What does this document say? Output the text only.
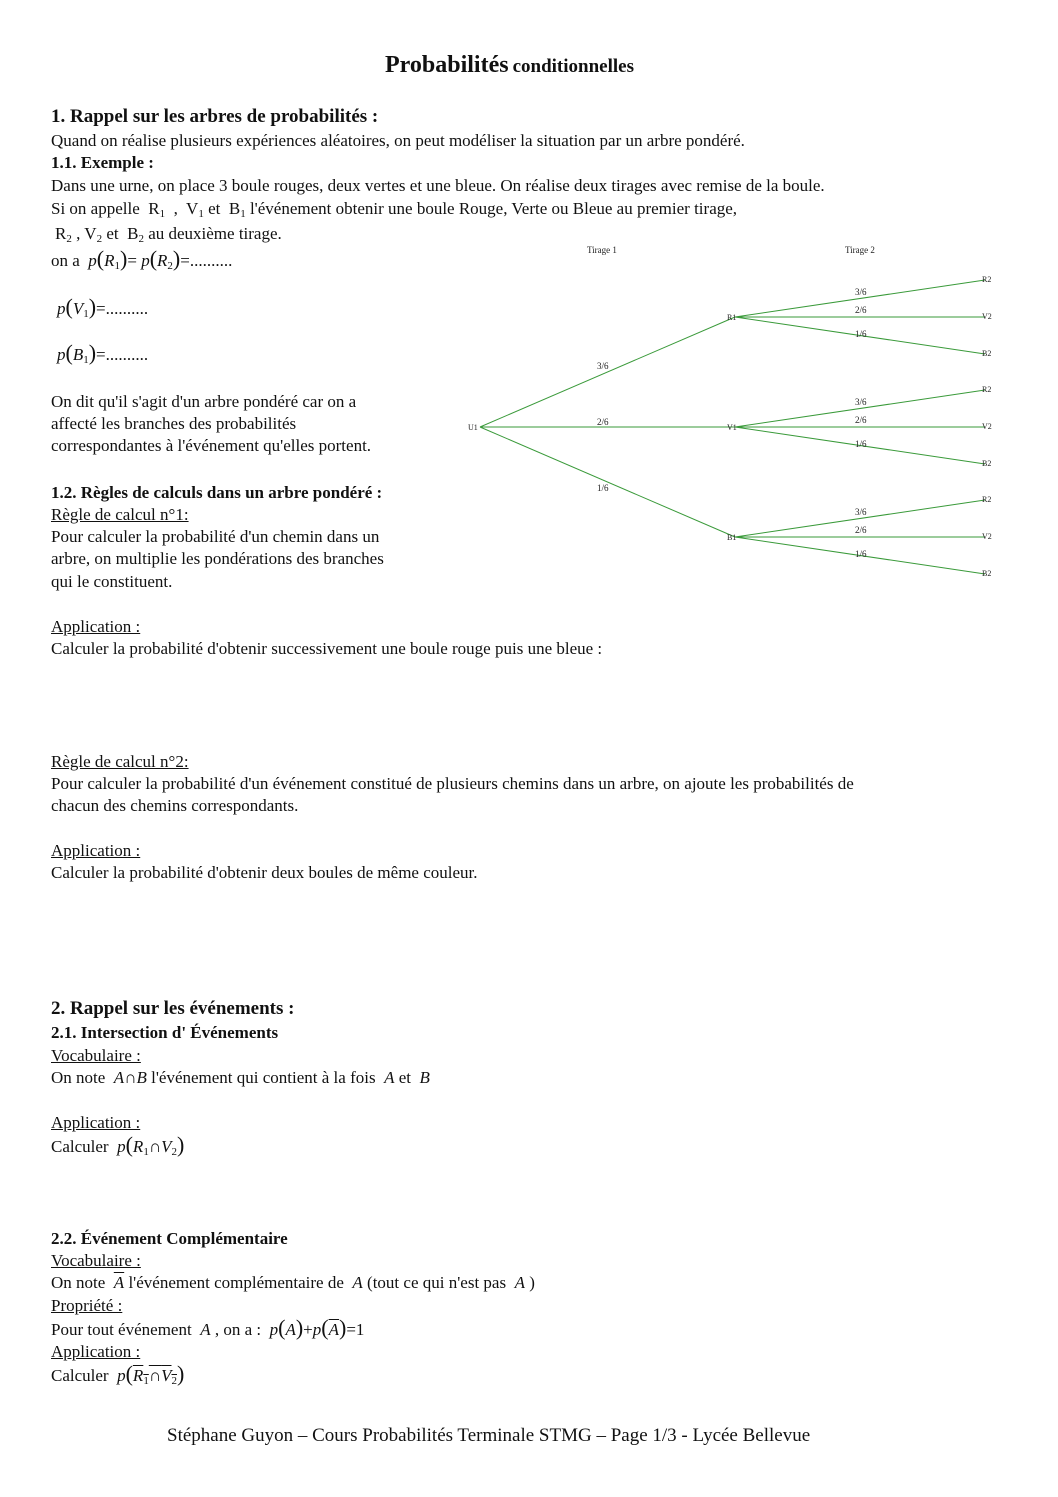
Probabilités conditionnelles
1. Rappel sur les arbres de probabilités :
Quand on réalise plusieurs expériences aléatoires, on peut modéliser la situation par un arbre pondéré.
1.1. Exemple :
Dans une urne, on place 3 boule rouges, deux vertes et une bleue. On réalise deux tirages avec remise de la boule.
Si on appelle  $R_1$  ,  $V_1$ et  $B_1$ l'événement obtenir une boule Rouge, Verte ou Bleue au premier tirage,
$R_2$ , $V_2$ et  $B_2$ au deuxième tirage.
on a $p(R_1)= p(R_2)=$..........
$p(V_1)=$..........
$p(B_1)=$..........
On dit qu'il s'agit d'un arbre pondéré car on a
affecté les branches des probabilités
correspondantes à l'événement qu'elles portent.
1.2. Règles de calculs dans un arbre pondéré :
Règle de calcul n°1:
Pour calculer la probabilité d'un chemin dans un
arbre, on multiplie les pondérations des branches
qui le constituent.
Application :
Calculer la probabilité d'obtenir successivement une boule rouge puis une bleue :
Règle de calcul n°2:
Pour calculer la probabilité d'un événement constitué de plusieurs chemins dans un arbre, on ajoute les probabilités de
chacun des chemins correspondants.
Application :
Calculer la probabilité d'obtenir deux boules de même couleur.
Tirage 1	Tirage 2
U1
3/6
R1
R2
3/6
V2
2/6
B2
1/6
2/6
V1
R2
3/6
V2
2/6
B2
1/6
1/6
B1
R2
3/6
V2
2/6
B2
1/6
2. Rappel sur les événements :
2.1. Intersection d' Événements
Vocabulaire :
On note A∩B l'événement qui contient à la fois A et B
Application :
Calculer $p(R_1\cap V_2)$
2.2. Événement Complémentaire
Vocabulaire :
On note $\overline{A}$ l'événement complémentaire de A (tout ce qui n'est pas A )
Propriété :
Pour tout événement A , on a : $p(A)+p(\overline{A})=1$
Application :
Calculer $p(R_1\cap V_2)$
Stéphane Guyon – Cours Probabilités Terminale STMG – Page 1/3 - Lycée Bellevue
